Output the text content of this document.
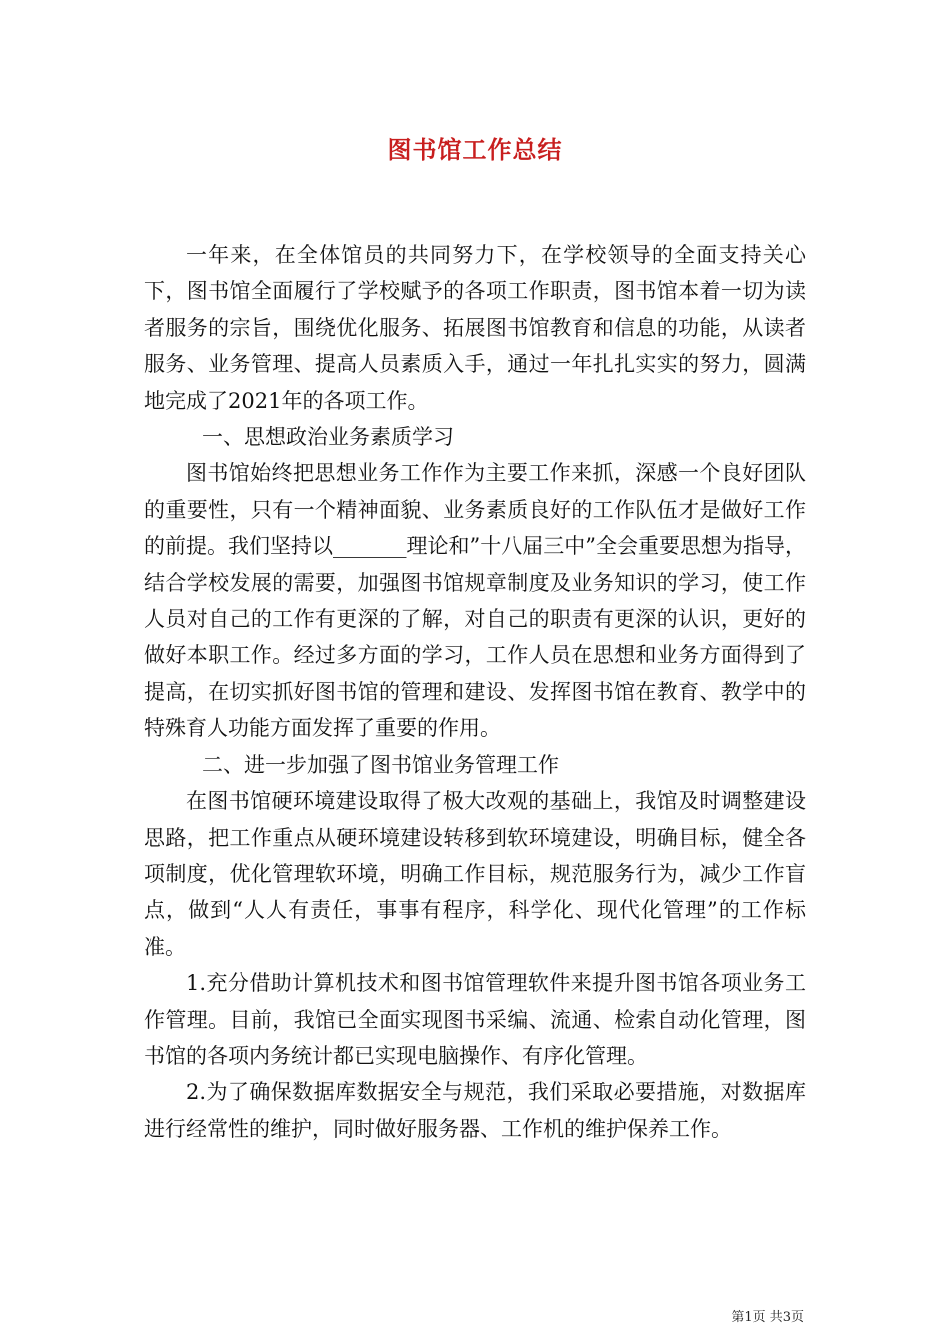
图书馆工作总结

一年来，在全体馆员的共同努力下，在学校领导的全面支持关心下，图书馆全面履行了学校赋予的各项工作职责，图书馆本着一切为读者服务的宗旨，围绕优化服务、拓展图书馆教育和信息的功能，从读者服务、业务管理、提高人员素质入手，通过一年扎扎实实的努力，圆满地完成了2021年的各项工作。

一、思想政治业务素质学习

图书馆始终把思想业务工作作为主要工作来抓，深感一个良好团队的重要性，只有一个精神面貌、业务素质良好的工作队伍才是做好工作的前提。我们坚持以_______理论和”十八届三中”全会重要思想为指导，结合学校发展的需要，加强图书馆规章制度及业务知识的学习，使工作人员对自己的工作有更深的了解，对自己的职责有更深的认识，更好的做好本职工作。经过多方面的学习，工作人员在思想和业务方面得到了提高，在切实抓好图书馆的管理和建设、发挥图书馆在教育、教学中的特殊育人功能方面发挥了重要的作用。

二、进一步加强了图书馆业务管理工作

在图书馆硬环境建设取得了极大改观的基础上，我馆及时调整建设思路，把工作重点从硬环境建设转移到软环境建设，明确目标，健全各项制度，优化管理软环境，明确工作目标，规范服务行为，减少工作盲点，做到“人人有责任，事事有程序，科学化、现代化管理”的工作标准。

1.充分借助计算机技术和图书馆管理软件来提升图书馆各项业务工作管理。目前，我馆已全面实现图书采编、流通、检索自动化管理，图书馆的各项内务统计都已实现电脑操作、有序化管理。

2.为了确保数据库数据安全与规范，我们采取必要措施，对数据库进行经常性的维护，同时做好服务器、工作机的维护保养工作。

第1页 共3页
